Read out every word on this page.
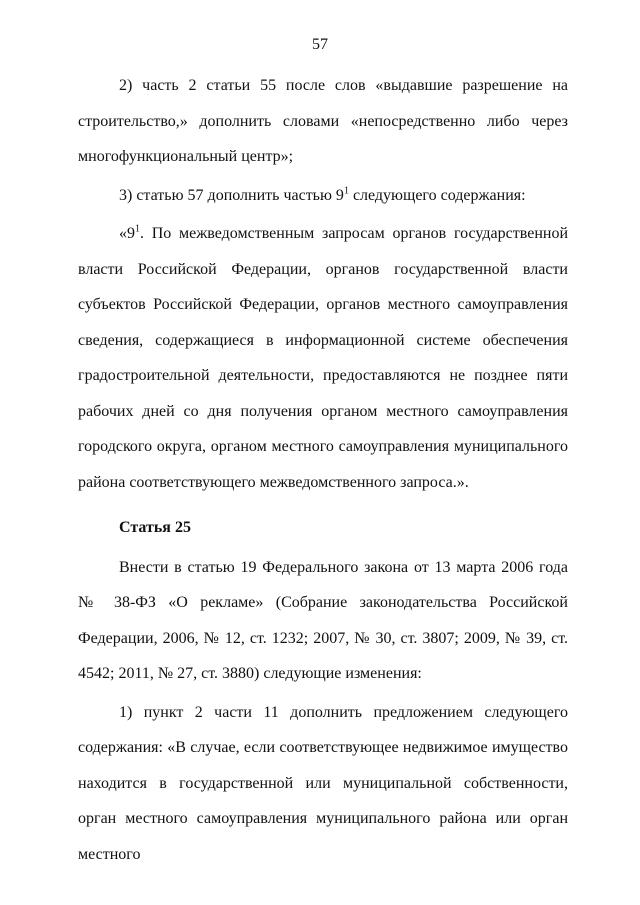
57

2) часть 2 статьи 55 после слов «выдавшие разрешение на строительство,» дополнить словами «непосредственно либо через многофункциональный центр»;

3) статью 57 дополнить частью $9^1$ следующего содержания:

«$9^1$. По межведомственным запросам органов государственной власти Российской Федерации, органов государственной власти субъектов Российской Федерации, органов местного самоуправления сведения, содержащиеся в информационной системе обеспечения градостроительной деятельности, предоставляются не позднее пяти рабочих дней со дня получения органом местного самоуправления городского округа, органом местного самоуправления муниципального района соответствующего межведомственного запроса.».

Статья 25

Внести в статью 19 Федерального закона от 13 марта 2006 года № 38-ФЗ «О рекламе» (Собрание законодательства Российской Федерации, 2006, № 12, ст. 1232; 2007, № 30, ст. 3807; 2009, № 39, ст. 4542; 2011, № 27, ст. 3880) следующие изменения:

1) пункт 2 части 11 дополнить предложением следующего содержания: «В случае, если соответствующее недвижимое имущество находится в государственной или муниципальной собственности, орган местного самоуправления муниципального района или орган местного
